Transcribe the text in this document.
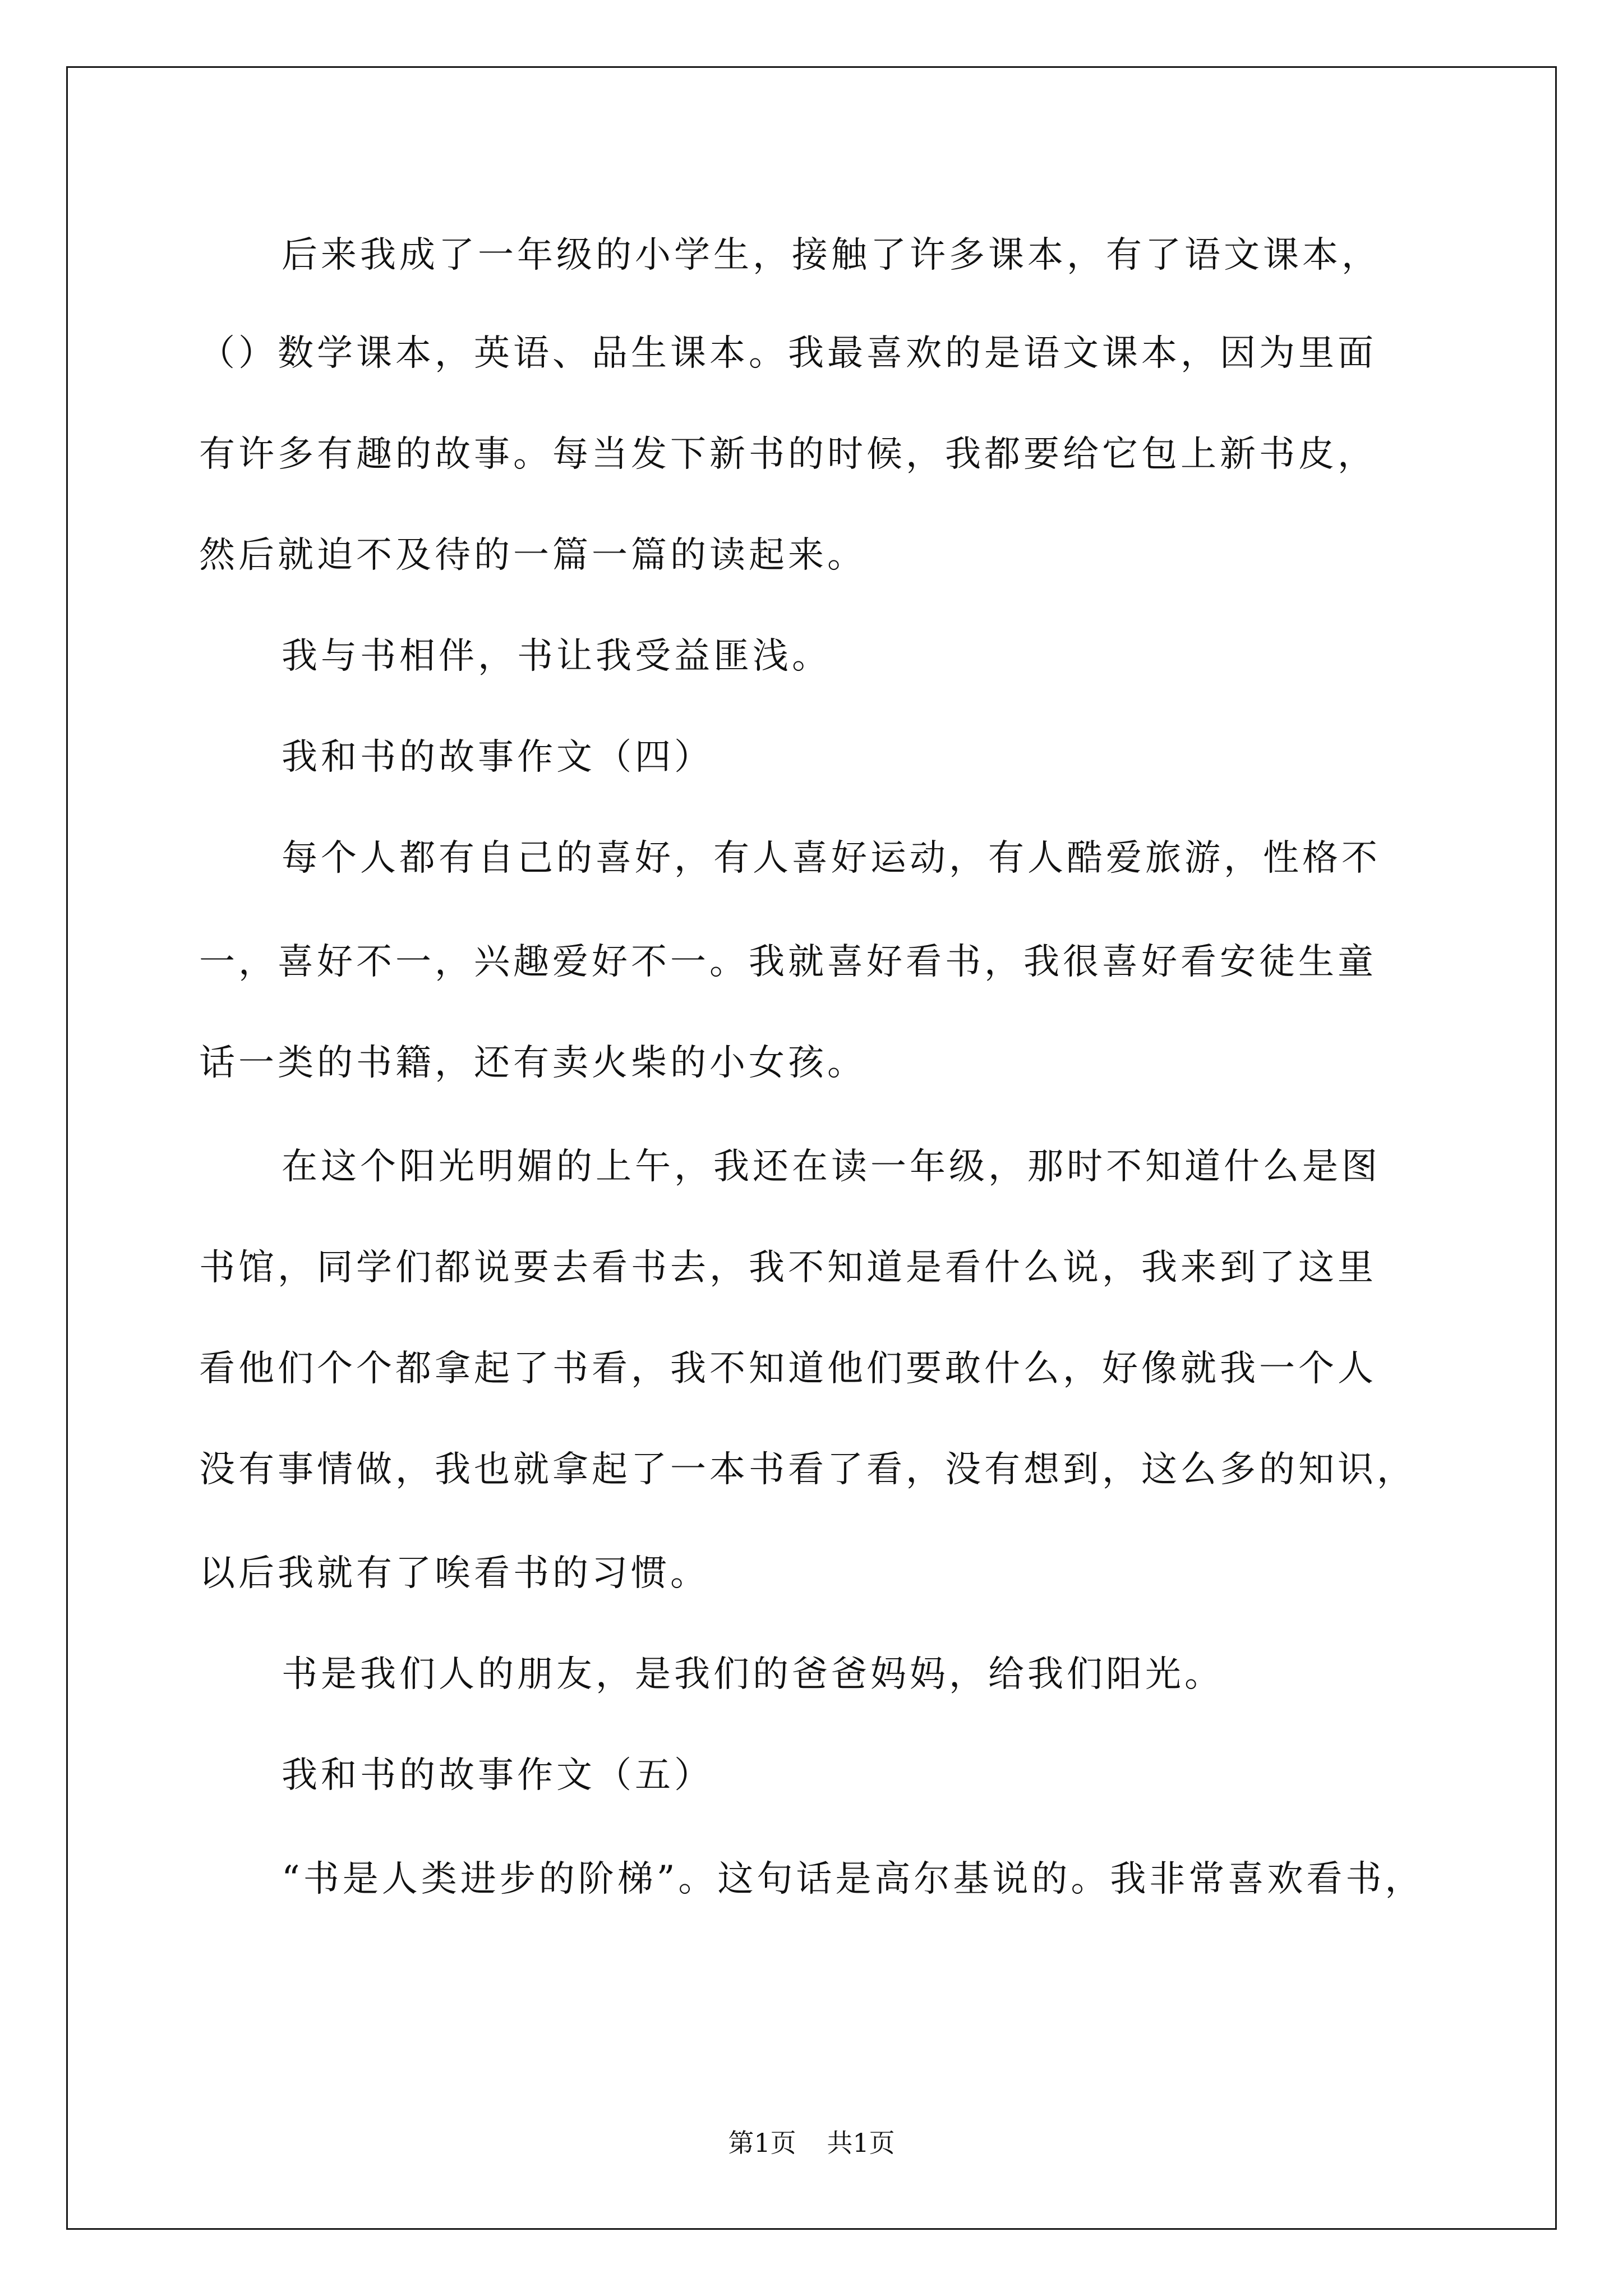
后来我成了一年级的小学生，接触了许多课本，有了语文课本，
（）数学课本，英语、品生课本。我最喜欢的是语文课本，因为里面
有许多有趣的故事。每当发下新书的时候，我都要给它包上新书皮，
然后就迫不及待的一篇一篇的读起来。
我与书相伴，书让我受益匪浅。
我和书的故事作文（四）
每个人都有自己的喜好，有人喜好运动，有人酷爱旅游，性格不
一，喜好不一，兴趣爱好不一。我就喜好看书，我很喜好看安徒生童
话一类的书籍，还有卖火柴的小女孩。
在这个阳光明媚的上午，我还在读一年级，那时不知道什么是图
书馆，同学们都说要去看书去，我不知道是看什么说，我来到了这里
看他们个个都拿起了书看，我不知道他们要敢什么，好像就我一个人
没有事情做，我也就拿起了一本书看了看，没有想到，这么多的知识，
以后我就有了唉看书的习惯。
书是我们人的朋友，是我们的爸爸妈妈，给我们阳光。
我和书的故事作文（五）
“书是人类进步的阶梯”。这句话是高尔基说的。我非常喜欢看书，
第1页 共1页
